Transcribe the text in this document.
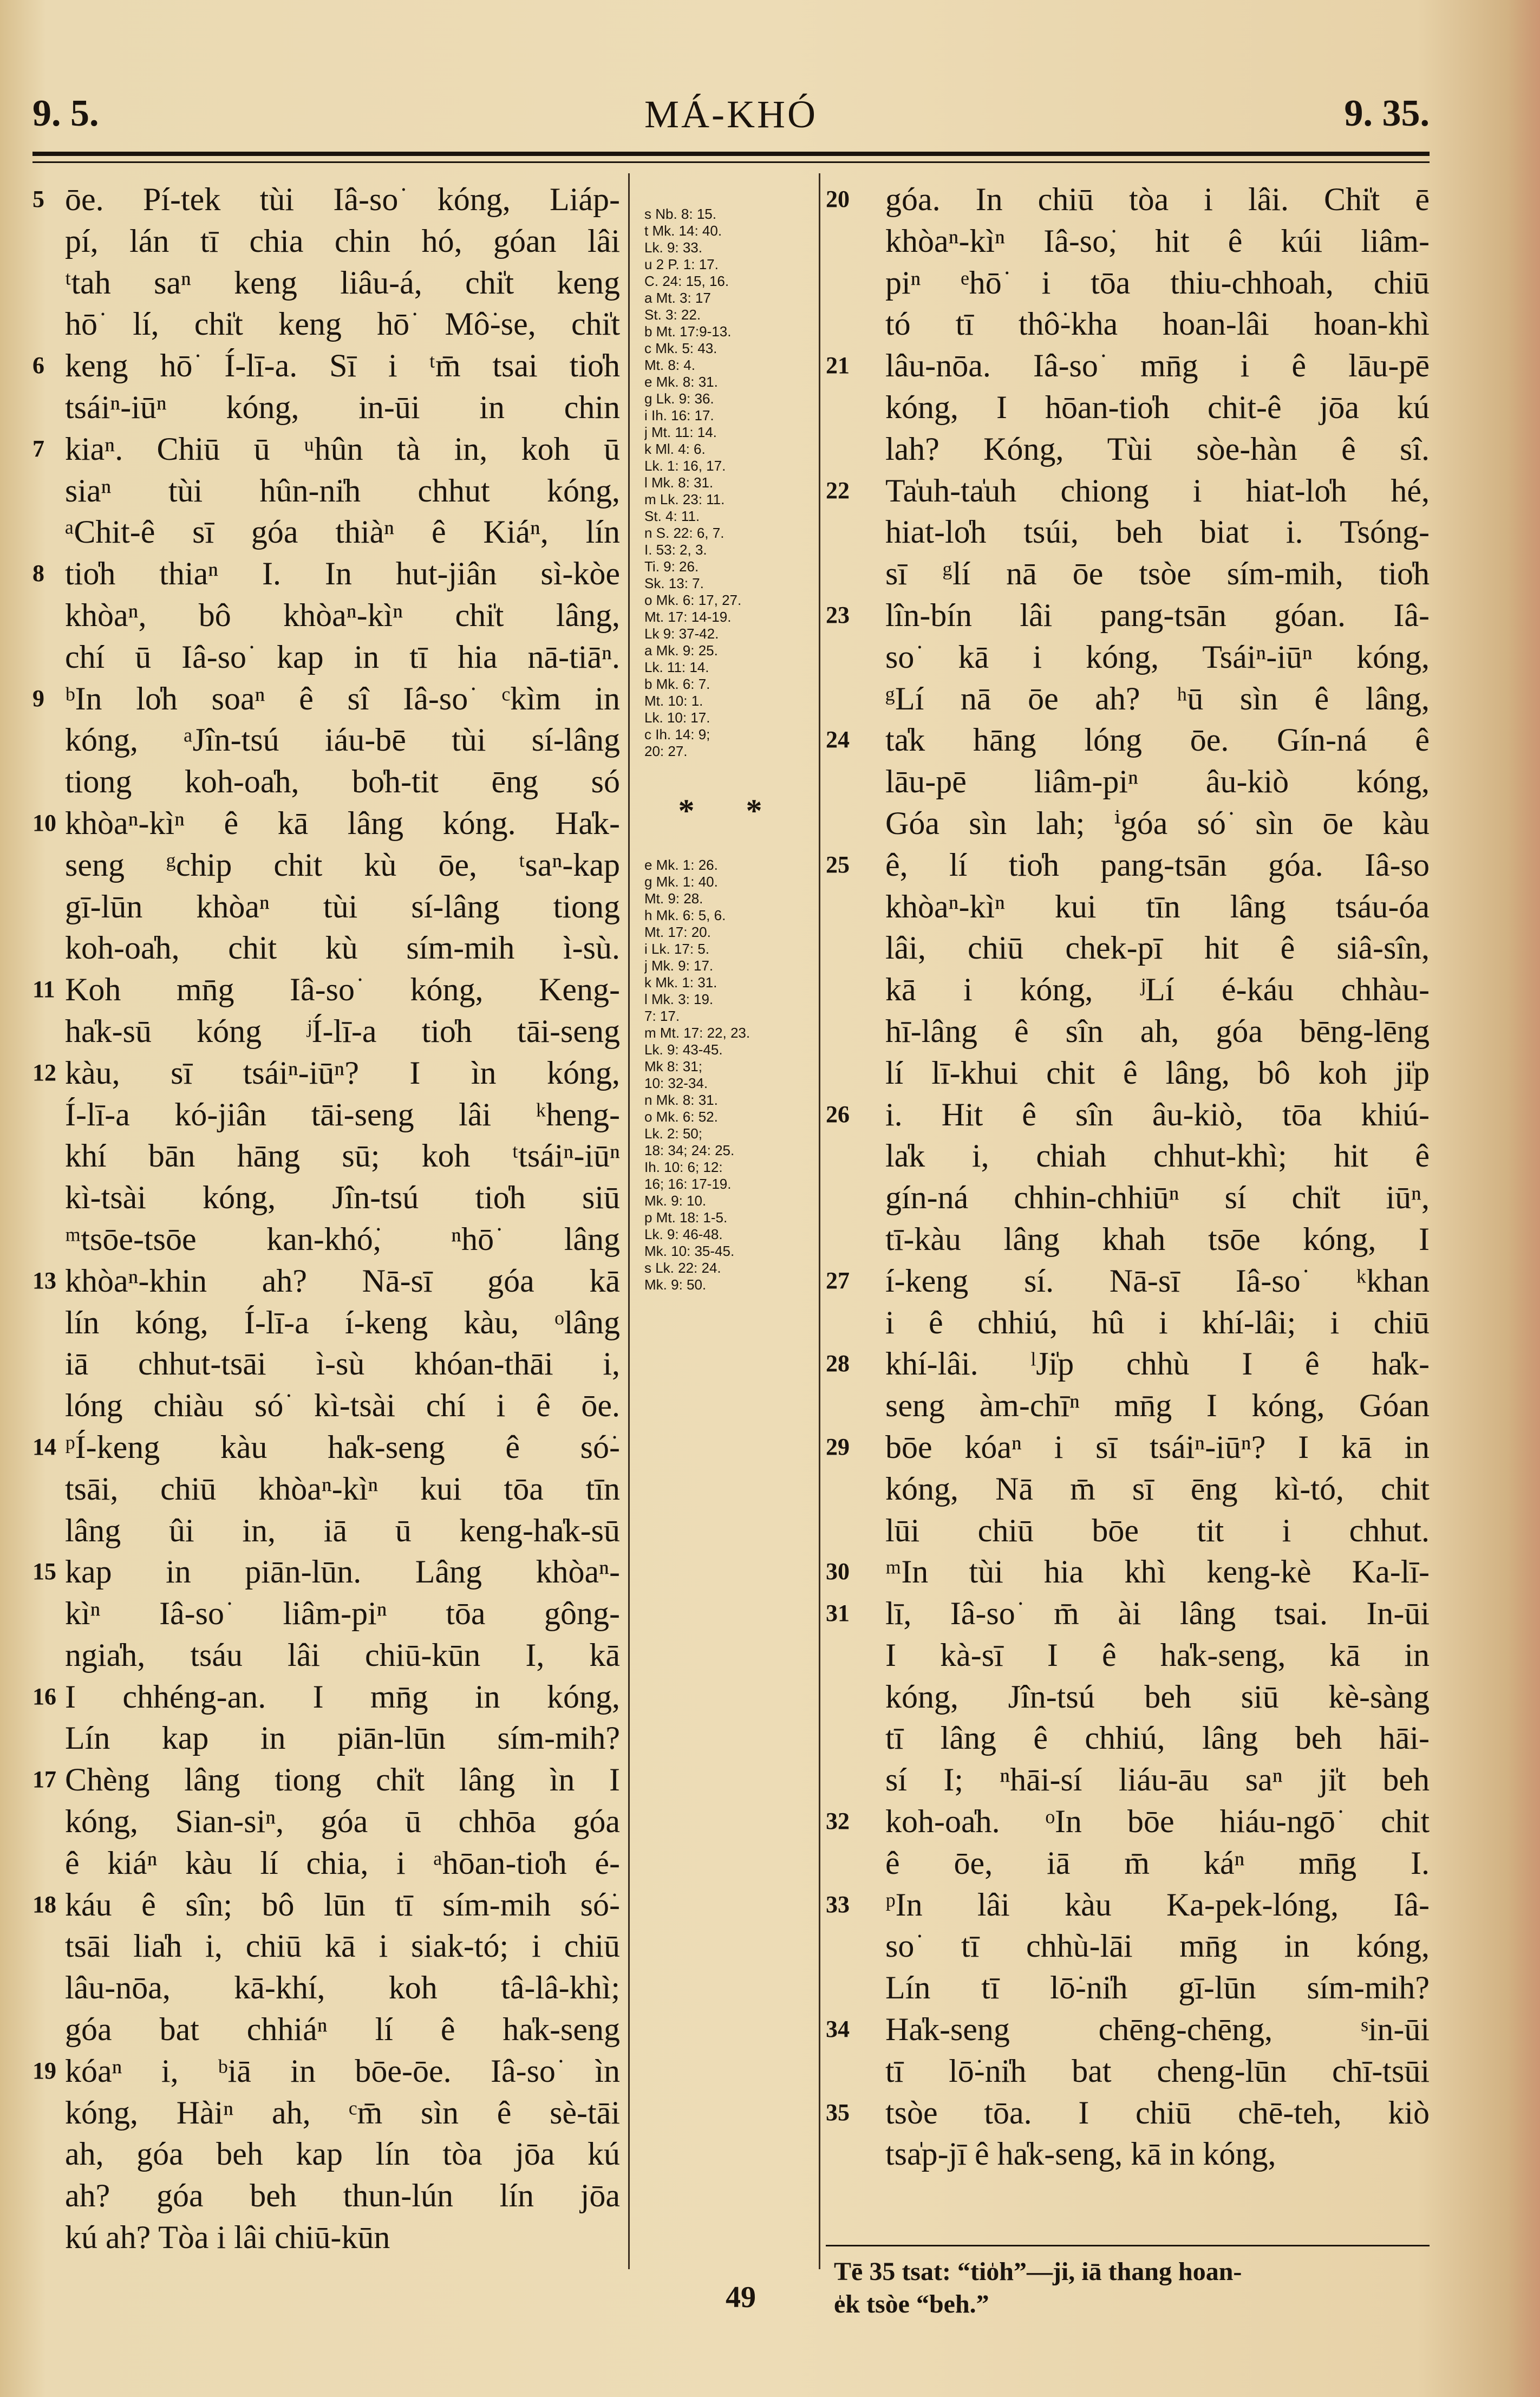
9. 5.	MÁ-KHÓ	9. 35.
5 ōe. Pí-tek tùi Iâ-so͘ kóng, Liáp-
pí, lán tī chia chin hó, góan lâi
ᵗtah saⁿ keng liâu-á, chi̍t keng
hō͘ lí, chi̍t keng hō͘ Mô͘-se, chi̍t
6 keng hō͘ Í-lī-a. Sī i ᵗm̄ tsai tio̍h
tsáiⁿ-iūⁿ kóng, in-ūi in chin
7 kiaⁿ. Chiū ū ᵘhûn tà in, koh ū
siaⁿ tùi hûn-ni̍h chhut kóng,
ᵃChit-ê sī góa thiàⁿ ê Kiáⁿ, lín
8 tio̍h thiaⁿ I. In hut-jiân sì-kòe
khòaⁿ, bô khòaⁿ-kìⁿ chi̍t lâng,
chí ū Iâ-so͘ kap in tī hia nā-tiāⁿ.
9 ᵇIn lo̍h soaⁿ ê sî Iâ-so͘ ᶜkìm in
kóng, ᵃJîn-tsú iáu-bē tùi sí-lâng
tiong koh-oa̍h, bo̍h-tit ēng só͘
10 khòaⁿ-kìⁿ ê kā lâng kóng. Ha̍k-
seng ᵍchip chit kù ōe, ᵗsaⁿ-kap
gī-lūn khòaⁿ tùi sí-lâng tiong
koh-oa̍h, chit kù sím-mih ì-sù.
11 Koh mn̄g Iâ-so͘ kóng, Keng-
ha̍k-sū kóng ʲÍ-lī-a tio̍h tāi-seng
12 kàu, sī tsáiⁿ-iūⁿ? I ìn kóng,
Í-lī-a kó-jiân tāi-seng lâi ᵏheng-
khí bān hāng sū; koh ᵗtsáiⁿ-iūⁿ
kì-tsài kóng, Jîn-tsú tio̍h siū
ᵐtsōe-tsōe kan-khó͘, ⁿhō͘ lâng
13 khòaⁿ-khin ah? Nā-sī góa kā
lín kóng, Í-lī-a í-keng kàu, ᵒlâng
iā chhut-tsāi ì-sù khóan-thāi i,
lóng chiàu só͘ kì-tsài chí i ê ōe.
14 ᵖÍ-keng kàu ha̍k-seng ê só͘-
tsāi, chiū khòaⁿ-kìⁿ kui tōa tīn
lâng ûi in, iā ū keng-ha̍k-sū
15 kap in piān-lūn. Lâng khòaⁿ-
kìⁿ Iâ-so͘ liâm-piⁿ tōa gông-
ngia̍h, tsáu lâi chiū-kūn I, kā
16 I chhéng-an. I mn̄g in kóng,
Lín kap in piān-lūn sím-mih?
17 Chèng lâng tiong chi̍t lâng ìn I
kóng, Sian-siⁿ, góa ū chhōa góa
ê kiáⁿ kàu lí chia, i ᵃhōan-tio̍h é-
18 káu ê sîn; bô lūn tī sím-mih só͘-
tsāi lia̍h i, chiū kā i siak-tó; i chiū
lâu-nōa, kā-khí, koh tâ-lâ-khì;
góa bat chhiáⁿ lí ê ha̍k-seng
19 kóaⁿ i, ᵇiā in bōe-ōe. Iâ-so͘ ìn
kóng, Hàiⁿ ah, ᶜm̄ sìn ê sè-tāi
ah, góa beh kap lín tòa jōa kú
ah? góa beh thun-lún lín jōa
kú ah? Tòa i lâi chiū-kūn
s Nb. 8: 15.
t Mk. 14: 40.
Lk. 9: 33.
u 2 P. 1: 17.
C. 24: 15, 16.
a Mt. 3: 17
St. 3: 22.
b Mt. 17:9-13.
c Mk. 5: 43.
Mt. 8: 4.
e Mk. 8: 31.
g Lk. 9: 36.
i Ih. 16: 17.
j Mt. 11: 14.
k Ml. 4: 6.
Lk. 1: 16, 17.
l Mk. 8: 31.
m Lk. 23: 11.
St. 4: 11.
n S. 22: 6, 7.
I. 53: 2, 3.
Ti. 9: 26.
Sk. 13: 7.
o Mk. 6: 17, 27.
Mt. 17: 14-19.
Lk 9: 37-42.
a Mk. 9: 25.
Lk. 11: 14.
b Mk. 6: 7.
Mt. 10: 1.
Lk. 10: 17.
c Ih. 14: 9;
20: 27.
* *
e Mk. 1: 26.
g Mk. 1: 40.
Mt. 9: 28.
h Mk. 6: 5, 6.
Mt. 17: 20.
i Lk. 17: 5.
j Mk. 9: 17.
k Mk. 1: 31.
l Mk. 3: 19.
7: 17.
m Mt. 17: 22, 23.
Lk. 9: 43-45.
Mk 8: 31;
10: 32-34.
n Mk. 8: 31.
o Mk. 6: 52.
Lk. 2: 50;
18: 34; 24: 25.
Ih. 10: 6; 12:
16; 16: 17-19.
Mk. 9: 10.
p Mt. 18: 1-5.
Lk. 9: 46-48.
Mk. 10: 35-45.
s Lk. 22: 24.
Mk. 9: 50.
20 góa. In chiū tòa i lâi. Chi̍t ē
khòaⁿ-kìⁿ Iâ-so͘, hit ê kúi liâm-
piⁿ ᵉhō͘ i tōa thiu-chhoah, chiū
tó tī thô͘-kha hoan-lâi hoan-khì
21 lâu-nōa. Iâ-so͘ mn̄g i ê lāu-pē
kóng, I hōan-tio̍h chit-ê jōa kú
lah? Kóng, Tùi sòe-hàn ê sî.
22 Ta̍uh-ta̍uh chiong i hiat-lo̍h hé,
hiat-lo̍h tsúi, beh biat i. Tsóng-
sī ᵍlí nā ōe tsòe sím-mih, tio̍h
23 lîn-bín lâi pang-tsān góan. Iâ-
so͘ kā i kóng, Tsáiⁿ-iūⁿ kóng,
ᵍLí nā ōe ah? ʰū sìn ê lâng,
24 ta̍k hāng lóng ōe. Gín-ná ê
lāu-pē liâm-piⁿ âu-kiò kóng,
Góa sìn lah; ⁱgóa só͘ sìn ōe kàu
25 ê, lí tio̍h pang-tsān góa. Iâ-so͘
khòaⁿ-kìⁿ kui tīn lâng tsáu-óa
lâi, chiū chek-pī hit ê siâ-sîn,
kā i kóng, ʲLí é-káu chhàu-
hī-lâng ê sîn ah, góa bēng-lēng
lí lī-khui chit ê lâng, bô koh ji̍p
26 i. Hit ê sîn âu-kiò, tōa khiú-
la̍k i, chiah chhut-khì; hit ê
gín-ná chhin-chhiūⁿ sí chi̍t iūⁿ,
tī-kàu lâng khah tsōe kóng, I
27 í-keng sí. Nā-sī Iâ-so͘ ᵏkhan
i ê chhiú, hû i khí-lâi; i chiū
28 khí-lâi. ˡJi̍p chhù I ê ha̍k-
seng àm-chīⁿ mn̄g I kóng, Góan
29 bōe kóaⁿ i sī tsáiⁿ-iūⁿ? I kā in
kóng, Nā m̄ sī ēng kì-tó, chit
lūi chiū bōe tit i chhut.
30 ᵐIn tùi hia khì keng-kè Ka-lī-
31 lī, Iâ-so͘ m̄ ài lâng tsai. In-ūi
I kà-sī I ê ha̍k-seng, kā in
kóng, Jîn-tsú beh siū kè-sàng
tī lâng ê chhiú, lâng beh hāi-
sí I; ⁿhāi-sí liáu-āu saⁿ ji̍t beh
32 koh-oa̍h. ᵒIn bōe hiáu-ngō͘ chit
ê ōe, iā m̄ káⁿ mn̄g I.
33 ᵖIn lâi kàu Ka-pek-lóng, Iâ-
so͘ tī chhù-lāi mn̄g in kóng,
Lín tī lō͘-ni̍h gī-lūn sím-mih?
34 Ha̍k-seng chēng-chēng, ˢin-ūi
tī lō͘-ni̍h bat cheng-lūn chī-tsūi
35 tsòe tōa. I chiū chē-teh, kiò
tsa̍p-jī ê ha̍k-seng, kā in kóng,
Tē 35 tsat: “tio̍h”—ji, iā thang hoan-
e̍k tsòe “beh.”
49
